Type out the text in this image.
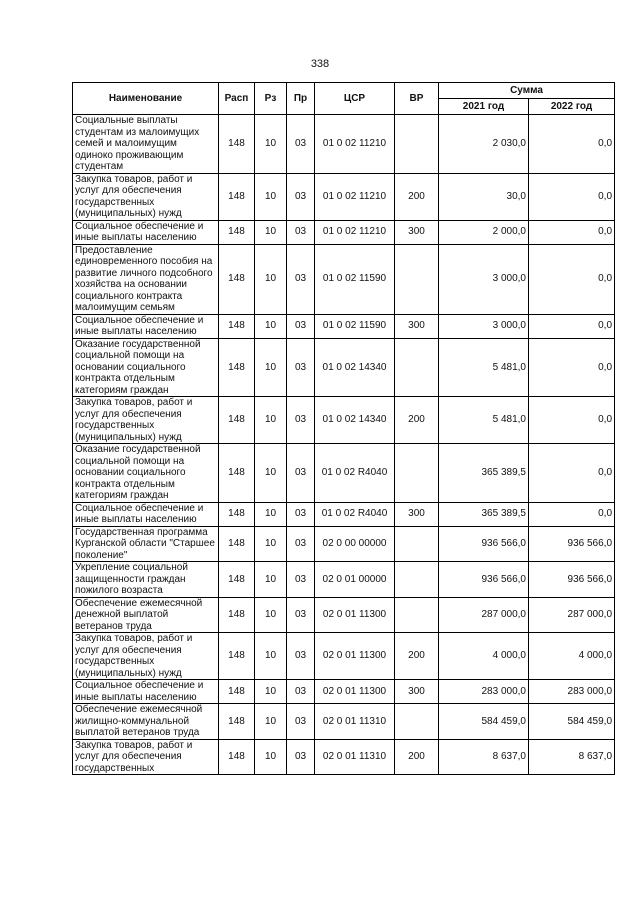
338
Наименование	Расп	Рз	Пр	ЦСР	ВР	Сумма	
						2021 год	2022 год
Социальные выплаты студентам из малоимущих семей и малоимущим одиноко проживающим студентам	148	10	03	01 0 02 11210		2 030,0	0,0
Закупка товаров, работ и услуг для обеспечения государственных (муниципальных) нужд	148	10	03	01 0 02 11210	200	30,0	0,0
Социальное обеспечение и иные выплаты населению	148	10	03	01 0 02 11210	300	2 000,0	0,0
Предоставление единовременного пособия на развитие личного подсобного хозяйства на основании социального контракта малоимущим семьям	148	10	03	01 0 02 11590		3 000,0	0,0
Социальное обеспечение и иные выплаты населению	148	10	03	01 0 02 11590	300	3 000,0	0,0
Оказание государственной социальной помощи на основании социального контракта отдельным категориям граждан	148	10	03	01 0 02 14340		5 481,0	0,0
Закупка товаров, работ и услуг для обеспечения государственных (муниципальных) нужд	148	10	03	01 0 02 14340	200	5 481,0	0,0
Оказание государственной социальной помощи на основании социального контракта отдельным категориям граждан	148	10	03	01 0 02 R4040		365 389,5	0,0
Социальное обеспечение и иные выплаты населению	148	10	03	01 0 02 R4040	300	365 389,5	0,0
Государственная программа Курганской области "Старшее поколение"	148	10	03	02 0 00 00000		936 566,0	936 566,0
Укрепление социальной защищенности граждан пожилого возраста	148	10	03	02 0 01 00000		936 566,0	936 566,0
Обеспечение ежемесячной денежной выплатой ветеранов труда	148	10	03	02 0 01 11300		287 000,0	287 000,0
Закупка товаров, работ и услуг для обеспечения государственных (муниципальных) нужд	148	10	03	02 0 01 11300	200	4 000,0	4 000,0
Социальное обеспечение и иные выплаты населению	148	10	03	02 0 01 11300	300	283 000,0	283 000,0
Обеспечение ежемесячной жилищно-коммунальной выплатой ветеранов труда	148	10	03	02 0 01 11310		584 459,0	584 459,0
Закупка товаров, работ и услуг для обеспечения государственных	148	10	03	02 0 01 11310	200	8 637,0	8 637,0
